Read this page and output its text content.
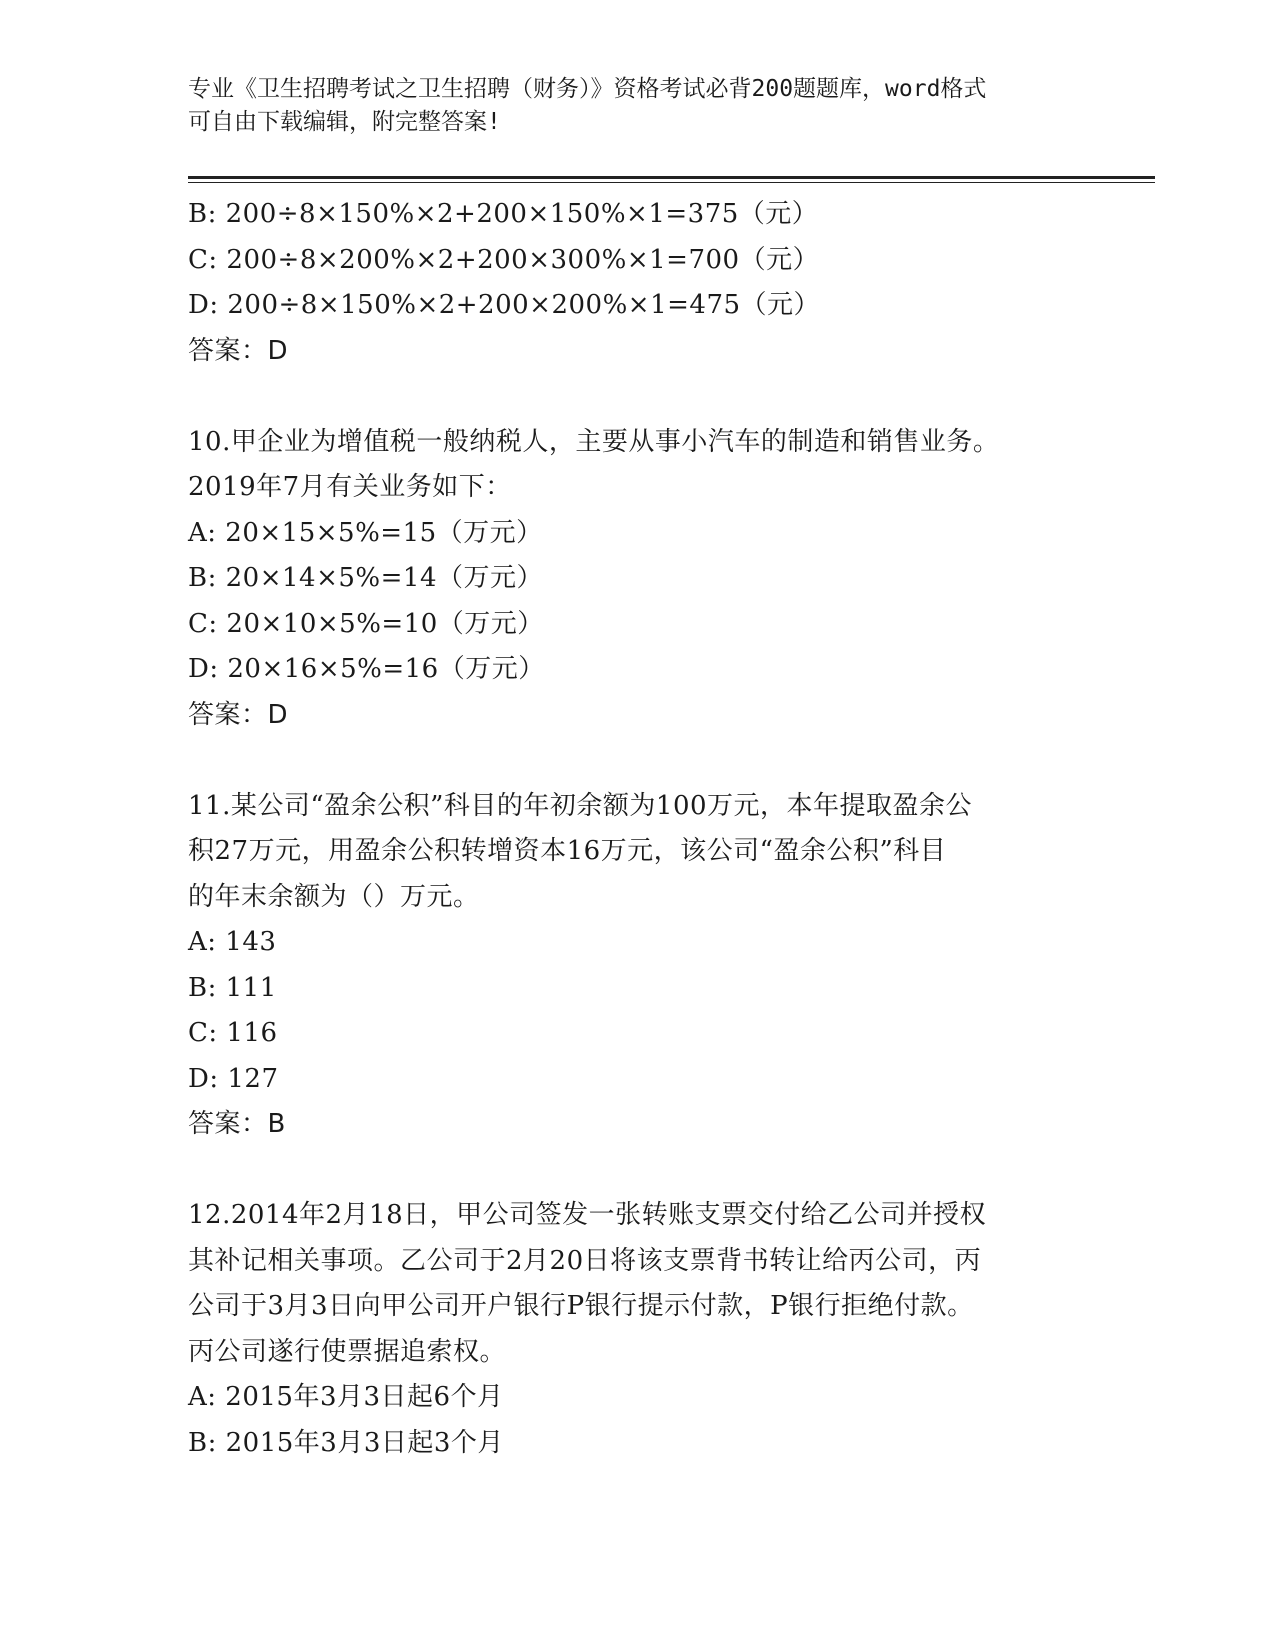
专业《卫生招聘考试之卫生招聘（财务）》资格考试必背200题题库，word格式
可自由下载编辑，附完整答案!
B: 200÷8×150%×2+200×150%×1=375（元）
C: 200÷8×200%×2+200×300%×1=700（元）
D: 200÷8×150%×2+200×200%×1=475（元）
答案：D
10.甲企业为增值税一般纳税人，主要从事小汽车的制造和销售业务。
2019年7月有关业务如下：
A: 20×15×5%=15（万元）
B: 20×14×5%=14（万元）
C: 20×10×5%=10（万元）
D: 20×16×5%=16（万元）
答案：D
11.某公司“盈余公积”科目的年初余额为100万元，本年提取盈余公
积27万元，用盈余公积转增资本16万元，该公司“盈余公积”科目
的年末余额为（）万元。
A: 143
B: 111
C: 116
D: 127
答案：B
12.2014年2月18日，甲公司签发一张转账支票交付给乙公司并授权
其补记相关事项。乙公司于2月20日将该支票背书转让给丙公司，丙
公司于3月3日向甲公司开户银行P银行提示付款，P银行拒绝付款。
丙公司遂行使票据追索权。
A: 2015年3月3日起6个月
B: 2015年3月3日起3个月
